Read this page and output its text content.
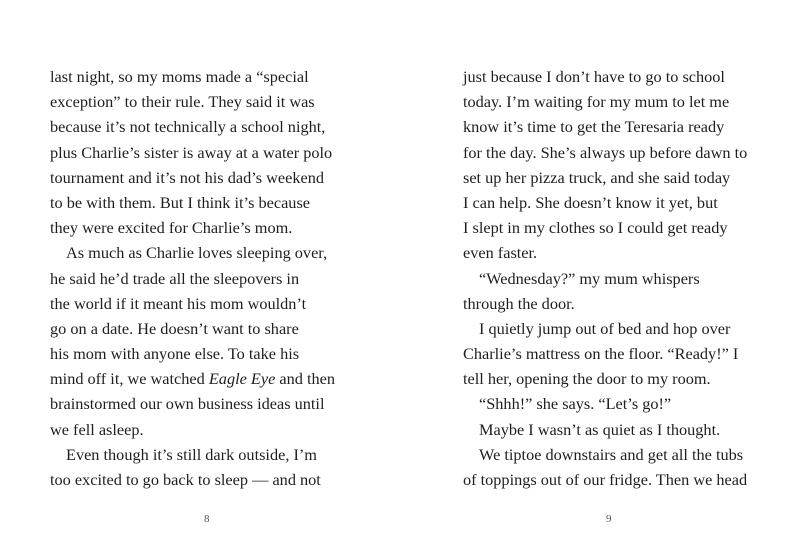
last night, so my moms made a “special
exception” to their rule. They said it was
because it’s not technically a school night,
plus Charlie’s sister is away at a water polo
tournament and it’s not his dad’s weekend
to be with them. But I think it’s because
they were excited for Charlie’s mom.
As much as Charlie loves sleeping over,
he said he’d trade all the sleepovers in
the world if it meant his mom wouldn’t
go on a date. He doesn’t want to share
his mom with anyone else. To take his
mind off it, we watched Eagle Eye and then
brainstormed our own business ideas until
we fell asleep.
Even though it’s still dark outside, I’m
too excited to go back to sleep — and not
just because I don’t have to go to school
today. I’m waiting for my mum to let me
know it’s time to get the Teresaria ready
for the day. She’s always up before dawn to
set up her pizza truck, and she said today
I can help. She doesn’t know it yet, but
I slept in my clothes so I could get ready
even faster.
“Wednesday?” my mum whispers
through the door.
I quietly jump out of bed and hop over
Charlie’s mattress on the floor. “Ready!” I
tell her, opening the door to my room.
“Shhh!” she says. “Let’s go!”
Maybe I wasn’t as quiet as I thought.
We tiptoe downstairs and get all the tubs
of toppings out of our fridge. Then we head
8	9
